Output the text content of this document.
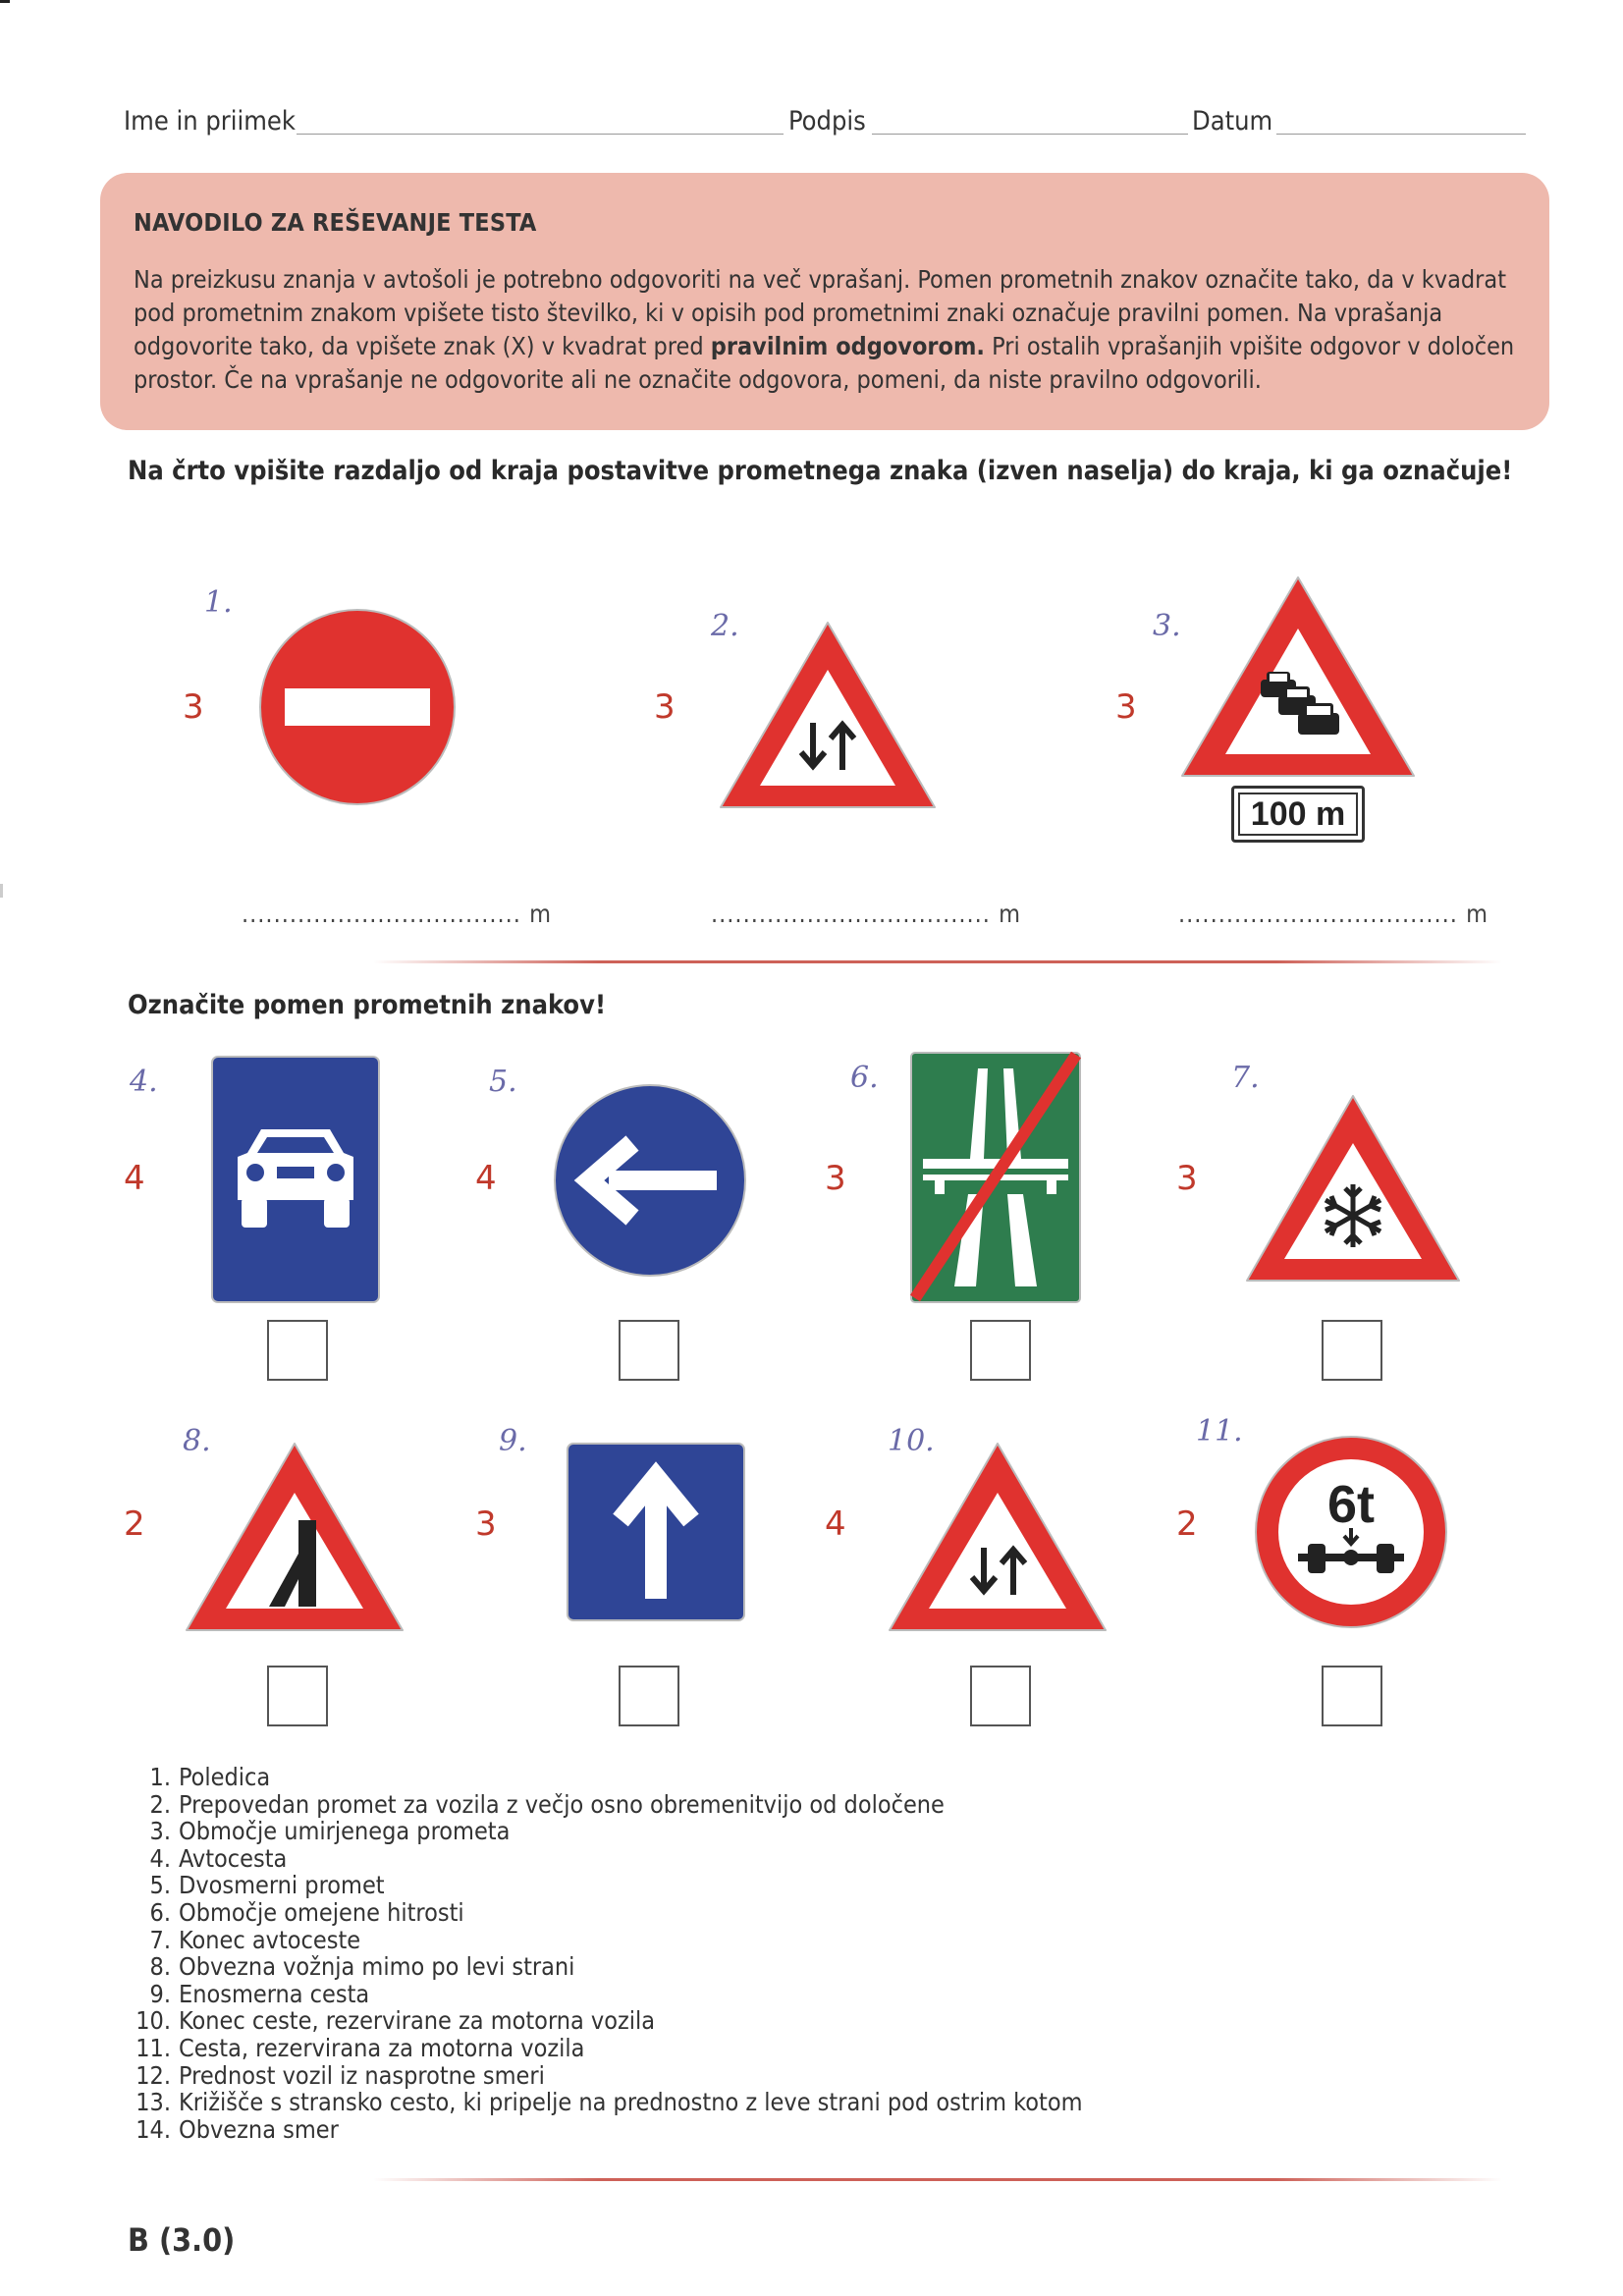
Ime in priimek	Podpis	Datum
NAVODILO ZA REŠEVANJE TESTA
Na preizkusu znanja v avtošoli je potrebno odgovoriti na več vprašanj. Pomen prometnih znakov označite tako, da v kvadrat pod prometnim znakom vpišete tisto številko, ki v opisih pod prometnimi znaki označuje pravilni pomen. Na vprašanja odgovorite tako, da vpišete znak (X) v kvadrat pred pravilnim odgovorom. Pri ostalih vprašanjih vpišite odgovor v določen prostor. Če na vprašanje ne odgovorite ali ne označite odgovora, pomeni, da niste pravilno odgovorili.
Na črto vpišite razdaljo od kraja postavitve prometnega znaka (izven naselja) do kraja, ki ga označuje!
1.
2.	3.
3	3	3
100 m
................................... m	................................... m	................................... m
Označite pomen prometnih znakov!
4.	5.	6.	7.
4	4	3	3
8.	9.	10.	11.
2	3	4	2 6t
1. Poledica
2. Prepovedan promet za vozila z večjo osno obremenitvijo od določene
3. Območje umirjenega prometa
4. Avtocesta
5. Dvosmerni promet
6. Območje omejene hitrosti
7. Konec avtoceste
8. Obvezna vožnja mimo po levi strani
9. Enosmerna cesta
10. Konec ceste, rezervirane za motorna vozila
11. Cesta, rezervirana za motorna vozila
12. Prednost vozil iz nasprotne smeri
13. Križišče s stransko cesto, ki pripelje na prednostno z leve strani pod ostrim kotom
14. Obvezna smer
B (3.0)
